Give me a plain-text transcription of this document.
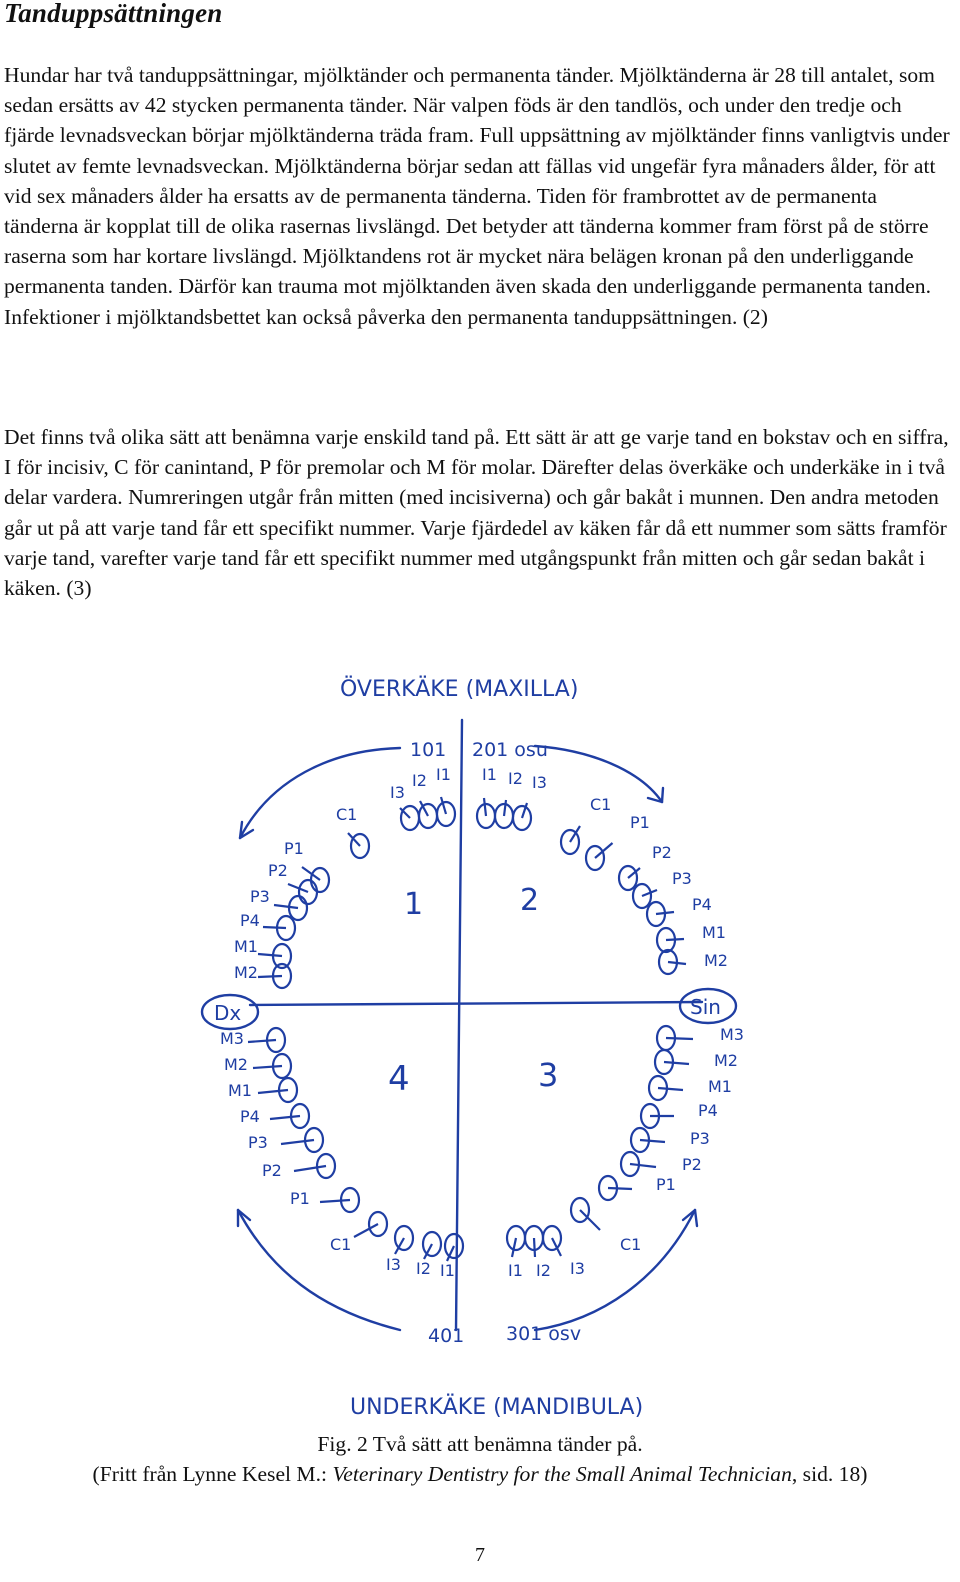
Tanduppsättningen

Hundar har två tanduppsättningar, mjölktänder och permanenta tänder. Mjölktänderna är 28 till antalet, som sedan ersätts av 42 stycken permanenta tänder. När valpen föds är den tandlös, och under den tredje och fjärde levnadsveckan börjar mjölktänderna träda fram. Full uppsättning av mjölktänder finns vanligtvis under slutet av femte levnadsveckan. Mjölktänderna börjar sedan att fällas vid ungefär fyra månaders ålder, för att vid sex månaders ålder ha ersatts av de permanenta tänderna. Tiden för frambrottet av de permanenta tänderna är kopplat till de olika rasernas livslängd. Det betyder att tänderna kommer fram först på de större raserna som har kortare livslängd. Mjölktandens rot är mycket nära belägen kronan på den underliggande permanenta tanden. Därför kan trauma mot mjölktanden även skada den underliggande permanenta tanden. Infektioner i mjölktandsbettet kan också påverka den permanenta tanduppsättningen. (2)

Det finns två olika sätt att benämna varje enskild tand på. Ett sätt är att ge varje tand en bokstav och en siffra, I för incisiv, C för canintand, P för premolar och M för molar. Därefter delas överkäke och underkäke in i två delar vardera. Numreringen utgår från mitten (med incisiverna) och går bakåt i munnen. Den andra metoden går ut på att varje tand får ett specifikt nummer. Varje fjärdedel av käken får då ett nummer som sätts framför varje tand, varefter varje tand får ett specifikt nummer med utgångspunkt från mitten och går sedan bakåt i käken. (3)

I3
I2 I1
C1
P1
P2
P3
P4
M1
M2
I1 I2 I3
C1
P1
P2
P3
P4
M1
M2
M3
M2
M1
P4
P3
P2
P1
C1
I3 I2 I1
M3
M2
M1
P4
P3
P2
P1
C1
I1 I2 I3
ÖVERKÄKE (MAXILLA)
UNDERKÄKE (MANDIBULA)
Dx	Sin
1	2
3
4
101 201 osu
401 301 osv

Fig. 2 Två sätt att benämna tänder på.

(Fritt från Lynne Kesel M.: Veterinary Dentistry for the Small Animal Technician, sid. 18)

7
